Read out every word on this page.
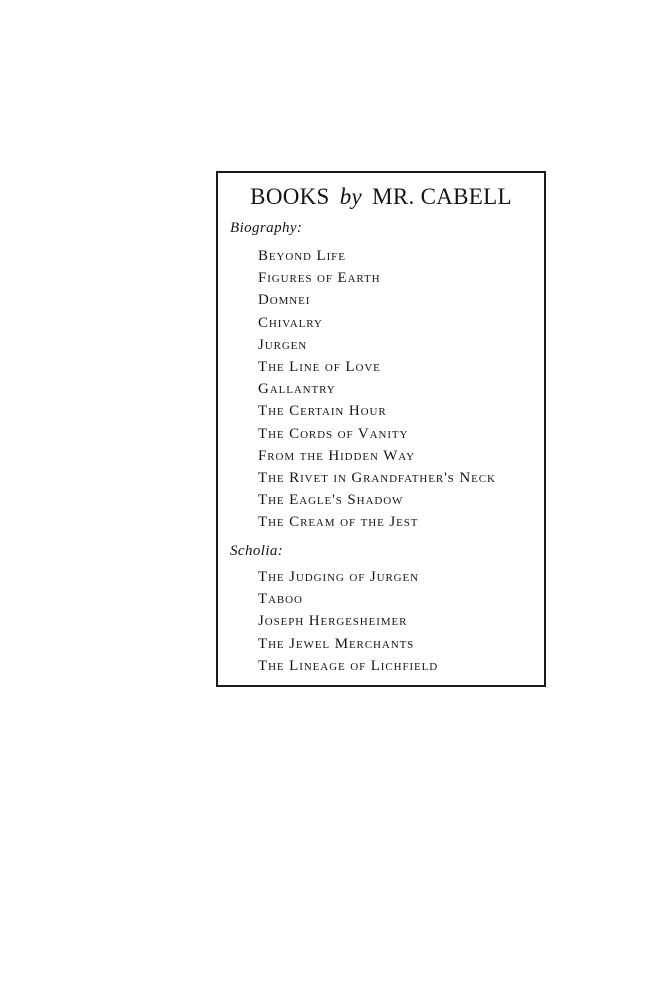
BOOKS by MR. CABELL
Biography:
Beyond Life
Figures of Earth
Domnei
Chivalry
Jurgen
The Line of Love
Gallantry
The Certain Hour
The Cords of Vanity
From the Hidden Way
The Rivet in Grandfather's Neck
The Eagle's Shadow
The Cream of the Jest
Scholia:
The Judging of Jurgen
Taboo
Joseph Hergesheimer
The Jewel Merchants
The Lineage of Lichfield
